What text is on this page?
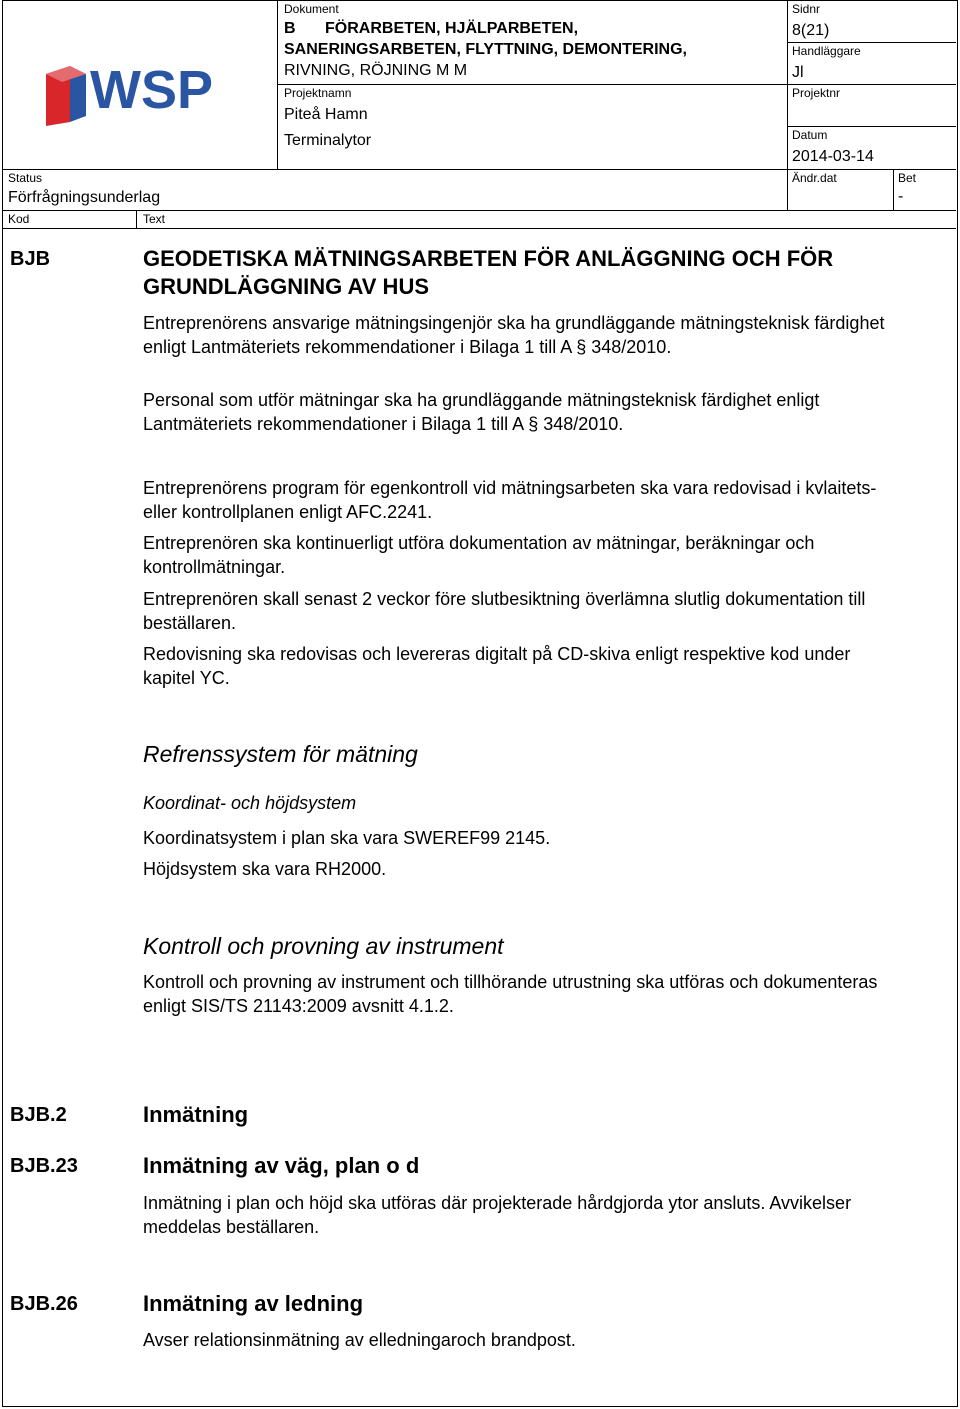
WSP
Dokument
B FÖRARBETEN, HJÄLPARBETEN,
SANERINGSARBETEN, FLYTTNING, DEMONTERING,
RIVNING, RÖJNING M M
Projektnamn
Piteå Hamn
Terminalytor
Sidnr
8(21)
Handläggare
Jl
Projektnr
Datum
2014-03-14
Status
Förfrågningsunderlag
Ändr.dat	Bet
-
Kod	Text
BJB	GEODETISKA MÄTNINGSARBETEN FÖR ANLÄGGNING OCH FÖR GRUNDLÄGGNING AV HUS
Entreprenörens ansvarige mätningsingenjör ska ha grundläggande mätningsteknisk färdighet enligt Lantmäteriets rekommendationer i Bilaga 1 till A § 348/2010.
Personal som utför mätningar ska ha grundläggande mätningsteknisk färdighet enligt Lantmäteriets rekommendationer i Bilaga 1 till A § 348/2010.
Entreprenörens program för egenkontroll vid mätningsarbeten ska vara redovisad i kvlaitets- eller kontrollplanen enligt AFC.2241.
Entreprenören ska kontinuerligt utföra dokumentation av mätningar, beräkningar och kontrollmätningar.
Entreprenören skall senast 2 veckor före slutbesiktning överlämna slutlig dokumentation till beställaren.
Redovisning ska redovisas och levereras digitalt på CD-skiva enligt respektive kod under kapitel YC.
Refrenssystem för mätning
Koordinat- och höjdsystem
Koordinatsystem i plan ska vara SWEREF99 2145.
Höjdsystem ska vara RH2000.
Kontroll och provning av instrument
Kontroll och provning av instrument och tillhörande utrustning ska utföras och dokumenteras enligt SIS/TS 21143:2009 avsnitt 4.1.2.
BJB.2	Inmätning
BJB.23	Inmätning av väg, plan o d
Inmätning i plan och höjd ska utföras där projekterade hårdgjorda ytor ansluts. Avvikelser meddelas beställaren.
BJB.26	Inmätning av ledning
Avser relationsinmätning av elledningaroch brandpost.
